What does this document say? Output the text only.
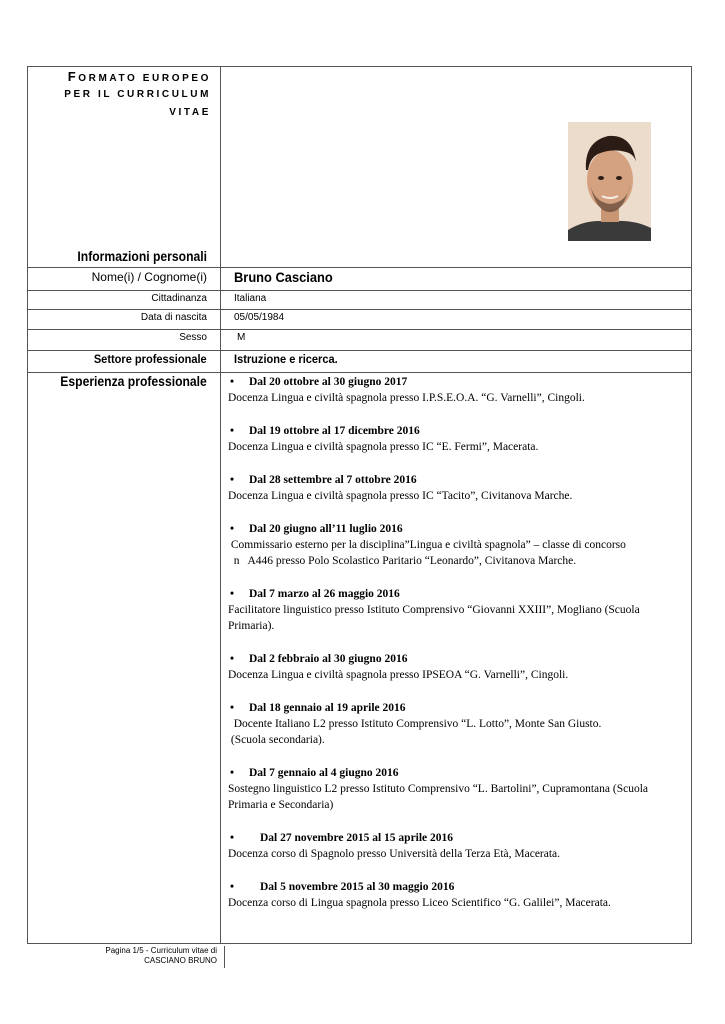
FORMATO EUROPEO
PER IL CURRICULUM
VITAE
Informazioni personali
Nome(i) / Cognome(i) Bruno Casciano
Cittadinanza	Italiana
Data di nascita	05/05/1984
Sesso	M
Settore professionale Istruzione e ricerca.
Esperienza professionale •	Dal 20 ottobre al 30 giugno 2017
Docenza Lingua e civiltà spagnola presso I.P.S.E.O.A. “G. Varnelli”, Cingoli.
•	Dal 19 ottobre al 17 dicembre 2016
Docenza Lingua e civiltà spagnola presso IC “E. Fermi”, Macerata.
•	Dal 28 settembre al 7 ottobre 2016
Docenza Lingua e civiltà spagnola presso IC “Tacito”, Civitanova Marche.
•	Dal 20 giugno all’11 luglio 2016
Commissario esterno per la disciplina”Lingua e civiltà spagnola” – classe di concorso
n   A446 presso Polo Scolastico Paritario “Leonardo”, Civitanova Marche.
•	Dal 7 marzo al 26 maggio 2016
Facilitatore linguistico presso Istituto Comprensivo “Giovanni XXIII”, Mogliano (Scuola
Primaria).
•	Dal 2 febbraio al 30 giugno 2016
Docenza Lingua e civiltà spagnola presso IPSEOA “G. Varnelli”, Cingoli.
•	Dal 18 gennaio al 19 aprile 2016
Docente Italiano L2 presso Istituto Comprensivo “L. Lotto”, Monte San Giusto.
(Scuola secondaria).
•	Dal 7 gennaio al 4 giugno 2016
Sostegno linguistico L2 presso Istituto Comprensivo “L. Bartolini”, Cupramontana (Scuola
Primaria e Secondaria)
•	Dal 27 novembre 2015 al 15 aprile 2016
Docenza corso di Spagnolo presso Università della Terza Età, Macerata.
•	Dal 5 novembre 2015 al 30 maggio 2016
Docenza corso di Lingua spagnola presso Liceo Scientifico “G. Galilei”, Macerata.
Pagina 1/5 - Curriculum vitae di
CASCIANO BRUNO
